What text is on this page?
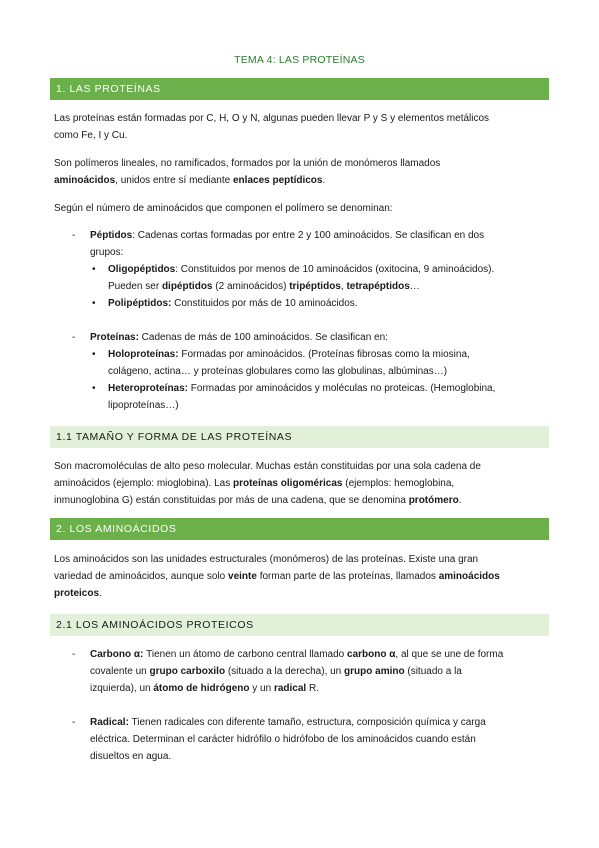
TEMA 4: LAS PROTEÍNAS
1. LAS PROTEÍNAS
Las proteínas están formadas por C, H, O y N, algunas pueden llevar P y S y elementos metálicos
como Fe, I y Cu.
Son polímeros lineales, no ramificados, formados por la unión de monómeros llamados
aminoácidos, unidos entre sí mediante enlaces peptídicos.
Según el número de aminoácidos que componen el polímero se denominan:
- Péptidos: Cadenas cortas formadas por entre 2 y 100 aminoácidos. Se clasifican en dos
grupos:
• Oligopéptidos: Constituidos por menos de 10 aminoácidos (oxitocina, 9 aminoácidos).
Pueden ser dipéptidos (2 aminoácidos) tripéptidos, tetrapéptidos…
• Polipéptidos: Constituidos por más de 10 aminoácidos.
- Proteínas: Cadenas de más de 100 aminoácidos. Se clasifican en:
• Holoproteínas: Formadas por aminoácidos. (Proteínas fibrosas como la miosina,
colágeno, actina… y proteínas globulares como las globulinas, albúminas…)
• Heteroproteínas: Formadas por aminoácidos y moléculas no proteicas. (Hemoglobina,
lipoproteínas…)
1.1 TAMAÑO Y FORMA DE LAS PROTEÍNAS
Son macromoléculas de alto peso molecular. Muchas están constituidas por una sola cadena de
aminoácidos (ejemplo: mioglobina). Las proteínas oligoméricas (ejemplos: hemoglobina,
inmunoglobina G) están constituidas por más de una cadena, que se denomina protómero.
2. LOS AMINOÁCIDOS
Los aminoácidos son las unidades estructurales (monómeros) de las proteínas. Existe una gran
variedad de aminoácidos, aunque solo veinte forman parte de las proteínas, llamados aminoácidos
proteicos.
2.1 LOS AMINOÁCIDOS PROTEICOS
- Carbono α: Tienen un átomo de carbono central llamado carbono α, al que se une de forma
covalente un grupo carboxilo (situado a la derecha), un grupo amino (situado a la
izquierda), un átomo de hidrógeno y un radical R.
- Radical: Tienen radicales con diferente tamaño, estructura, composición química y carga
eléctrica. Determinan el carácter hidrófilo o hidrófobo de los aminoácidos cuando están
disueltos en agua.
